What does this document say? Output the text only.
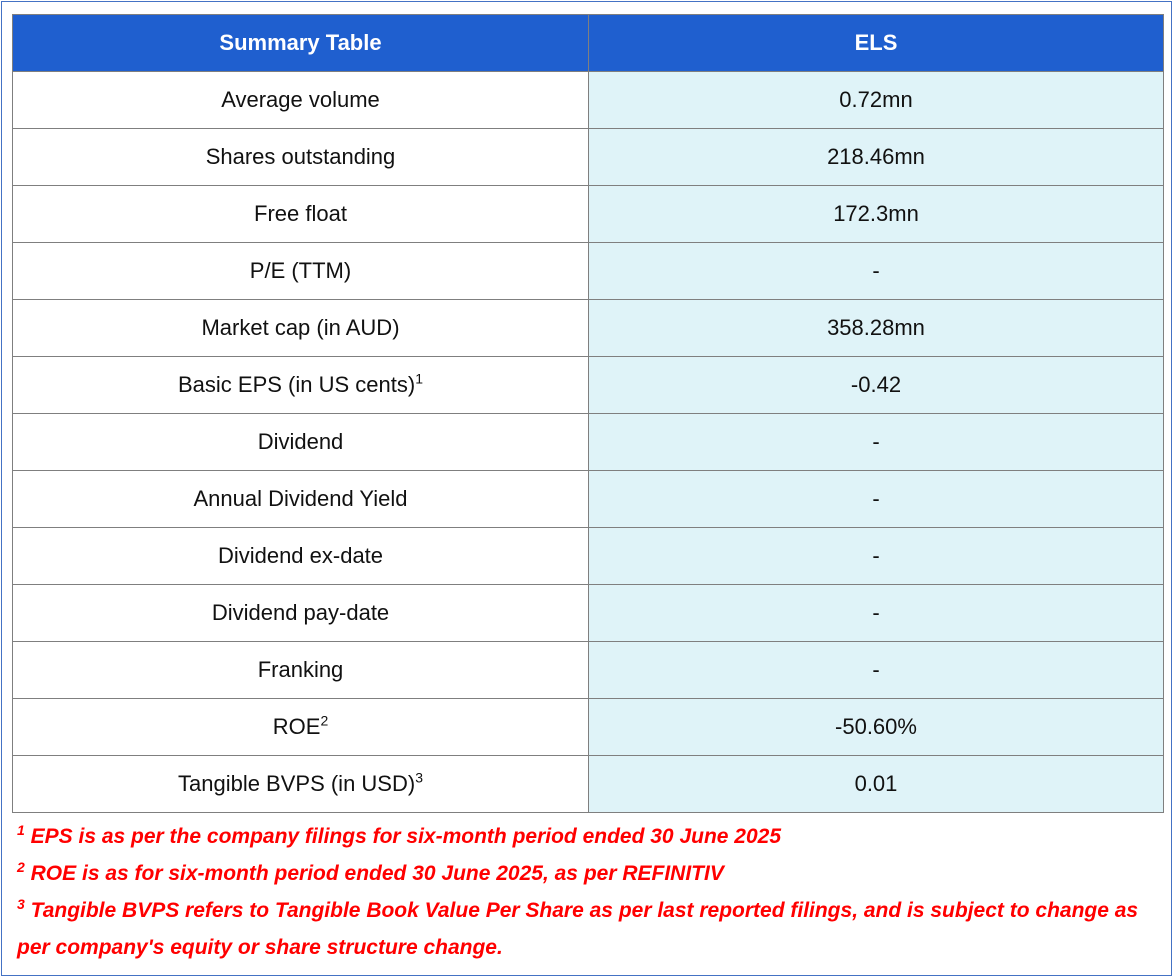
Summary Table	ELS
Average volume	0.72mn
Shares outstanding	218.46mn
Free float	172.3mn
P/E (TTM)	-
Market cap (in AUD)	358.28mn
Basic EPS (in US cents)$^1$	-0.42
Dividend	-
Annual Dividend Yield	-
Dividend ex-date	-
Dividend pay-date	-
Franking	-
ROE$^2$	-50.60%
Tangible BVPS (in USD)$^3$	0.01

$^1$ EPS is as per the company filings for six-month period ended 30 June 2025

$^2$ ROE is as for six-month period ended 30 June 2025, as per REFINITIV

$^3$ Tangible BVPS refers to Tangible Book Value Per Share as per last reported filings, and is subject to change as per company's equity or share structure change.
